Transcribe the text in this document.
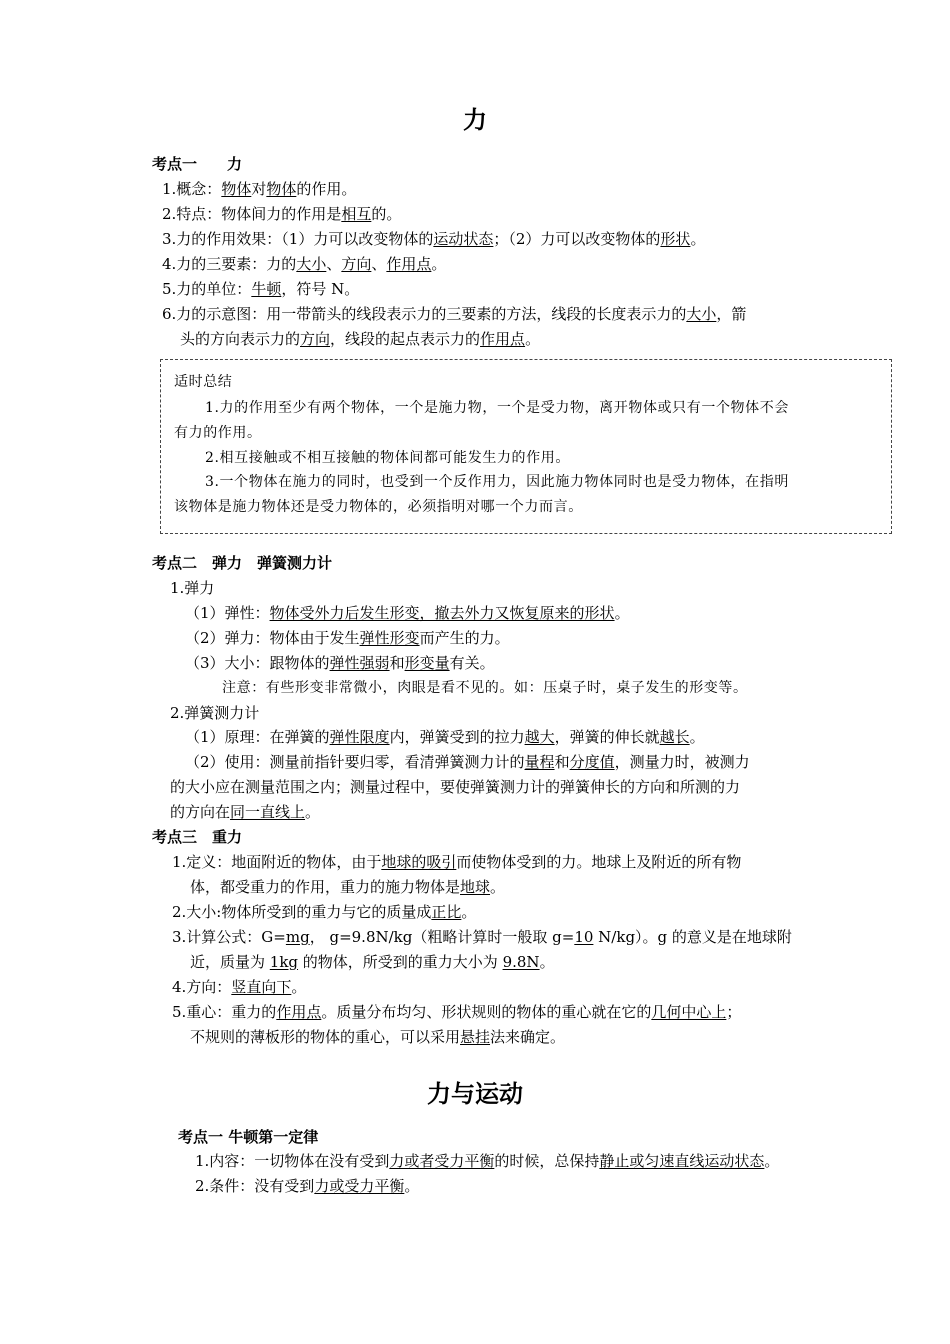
力
考点一　　力
1.概念：物体对物体的作用。
2.特点：物体间力的作用是相互的。
3.力的作用效果：（1）力可以改变物体的运动状态；（2）力可以改变物体的形状。
4.力的三要素：力的大小、方向、作用点。
5.力的单位：牛顿，符号 N。
6.力的示意图：用一带箭头的线段表示力的三要素的方法，线段的长度表示力的大小，箭
头的方向表示力的方向，线段的起点表示力的作用点。
适时总结
1.力的作用至少有两个物体，一个是施力物，一个是受力物，离开物体或只有一个物体不会
有力的作用。
2.相互接触或不相互接触的物体间都可能发生力的作用。
3.一个物体在施力的同时，也受到一个反作用力，因此施力物体同时也是受力物体，在指明
该物体是施力物体还是受力物体的，必须指明对哪一个力而言。
考点二　弹力　弹簧测力计
1.弹力
（1）弹性：物体受外力后发生形变，撤去外力又恢复原来的形状。
（2）弹力：物体由于发生弹性形变而产生的力。
（3）大小：跟物体的弹性强弱和形变量有关。
注意：有些形变非常微小，肉眼是看不见的。如：压桌子时，桌子发生的形变等。
2.弹簧测力计
（1）原理：在弹簧的弹性限度内，弹簧受到的拉力越大，弹簧的伸长就越长。
（2）使用：测量前指针要归零，看清弹簧测力计的量程和分度值，测量力时，被测力
的大小应在测量范围之内；测量过程中，要使弹簧测力计的弹簧伸长的方向和所测的力
的方向在同一直线上。
考点三　重力
1.定义：地面附近的物体，由于地球的吸引而使物体受到的力。地球上及附近的所有物
体，都受重力的作用，重力的施力物体是地球。
2.大小:物体所受到的重力与它的质量成正比。
3.计算公式：G=mg， g=9.8N/kg（粗略计算时一般取 g=10 N/kg）。g 的意义是在地球附
近，质量为 1kg 的物体，所受到的重力大小为 9.8N。
4.方向：竖直向下。
5.重心：重力的作用点。质量分布均匀、形状规则的物体的重心就在它的几何中心上；
不规则的薄板形的物体的重心，可以采用悬挂法来确定。
力与运动
考点一 牛顿第一定律
1.内容：一切物体在没有受到力或者受力平衡的时候，总保持静止或匀速直线运动状态。
2.条件：没有受到力或受力平衡。
